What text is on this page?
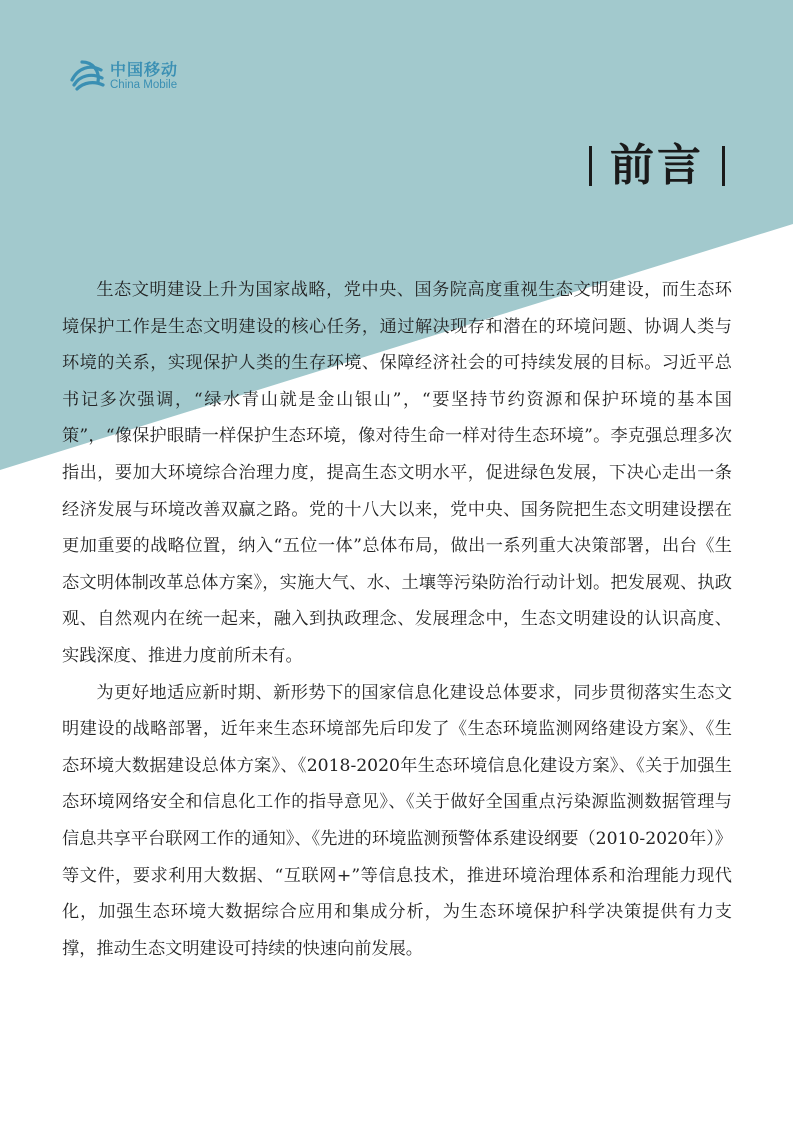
中国移动
China Mobile
前言

生态文明建设上升为国家战略，党中央、国务院高度重视生态文明建设，而生态环境保护工作是生态文明建设的核心任务，通过解决现存和潜在的环境问题、协调人类与环境的关系，实现保护人类的生存环境、保障经济社会的可持续发展的目标。习近平总书记多次强调，“绿水青山就是金山银山”，“要坚持节约资源和保护环境的基本国策”，“像保护眼睛一样保护生态环境，像对待生命一样对待生态环境”。李克强总理多次指出，要加大环境综合治理力度，提高生态文明水平，促进绿色发展，下决心走出一条经济发展与环境改善双赢之路。党的十八大以来，党中央、国务院把生态文明建设摆在更加重要的战略位置，纳入“五位一体”总体布局，做出一系列重大决策部署，出台《生态文明体制改革总体方案》，实施大气、水、土壤等污染防治行动计划。把发展观、执政观、自然观内在统一起来，融入到执政理念、发展理念中，生态文明建设的认识高度、实践深度、推进力度前所未有。

为更好地适应新时期、新形势下的国家信息化建设总体要求，同步贯彻落实生态文明建设的战略部署，近年来生态环境部先后印发了《生态环境监测网络建设方案》、《生态环境大数据建设总体方案》、《2018-2020年生态环境信息化建设方案》、《关于加强生态环境网络安全和信息化工作的指导意见》、《关于做好全国重点污染源监测数据管理与信息共享平台联网工作的通知》、《先进的环境监测预警体系建设纲要（2010-2020年）》等文件，要求利用大数据、“互联网+”等信息技术，推进环境治理体系和治理能力现代化，加强生态环境大数据综合应用和集成分析，为生态环境保护科学决策提供有力支撑，推动生态文明建设可持续的快速向前发展。
